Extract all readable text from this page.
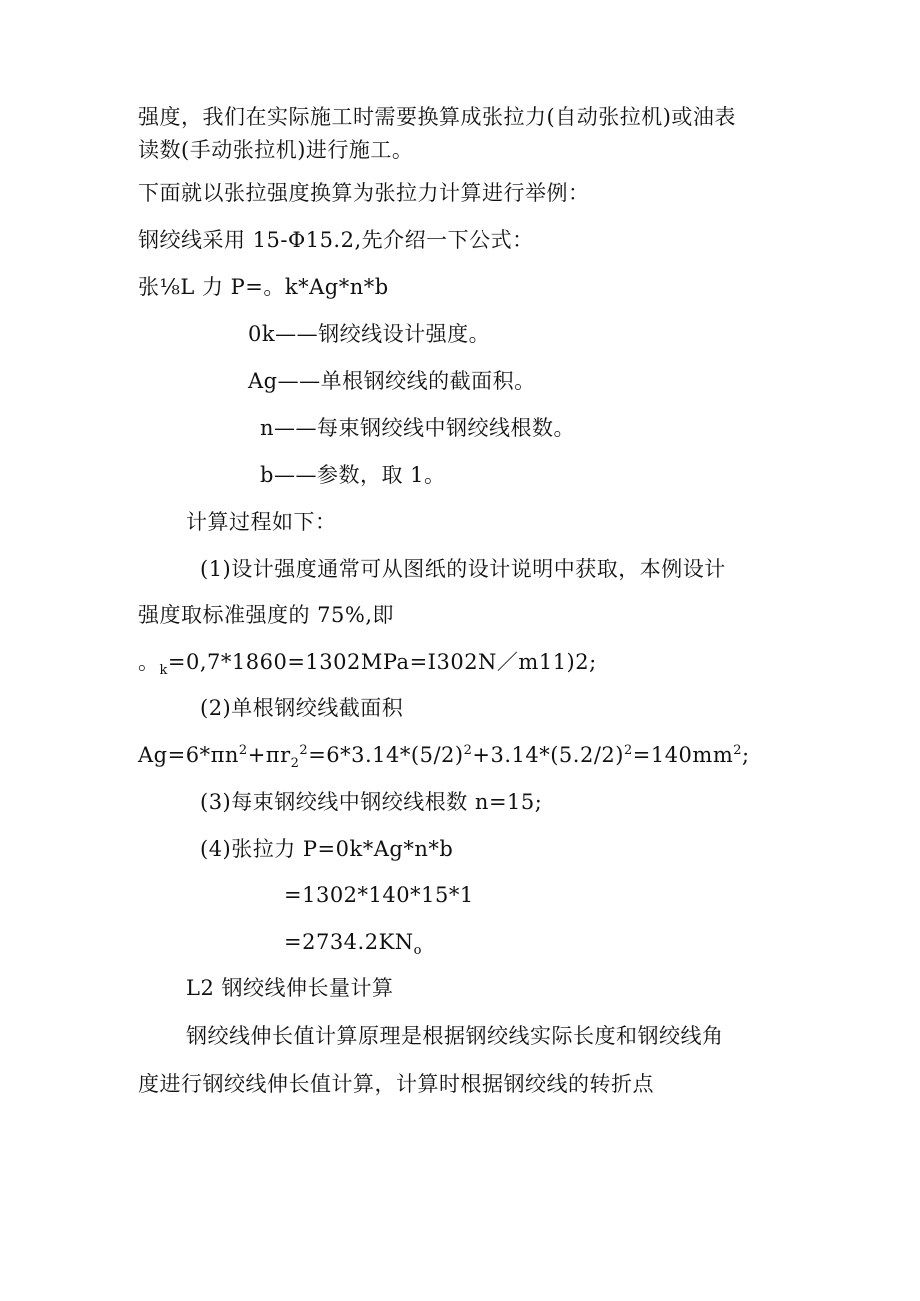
强度，我们在实际施工时需要换算成张拉力(自动张拉机)或油表
读数(手动张拉机)进行施工。
下面就以张拉强度换算为张拉力计算进行举例：
钢绞线采用 15-Φ15.2,先介绍一下公式：
张⅛L 力 P=。k*Ag*n*b
0k——钢绞线设计强度。
Ag——单根钢绞线的截面积。
n——每束钢绞线中钢绞线根数。
b——参数，取 1。
计算过程如下：
(1)设计强度通常可从图纸的设计说明中获取，本例设计
强度取标准强度的 75%,即
。$_k$=0,7*1860=1302MPa=I302N／m11)2;
(2)单根钢绞线截面积
$Ag=6*\pi n^2+\pi r_2^2=6*3.14*(5/2)^2+3.14*(5.2/2)^2=140mm^2$;
(3)每束钢绞线中钢绞线根数 n=15;
(4)张拉力 P=0k*Ag*n*b
=1302*140*15*1
$=2734.2KN_o$
L2 钢绞线伸长量计算
钢绞线伸长值计算原理是根据钢绞线实际长度和钢绞线角
度进行钢绞线伸长值计算，计算时根据钢绞线的转折点
